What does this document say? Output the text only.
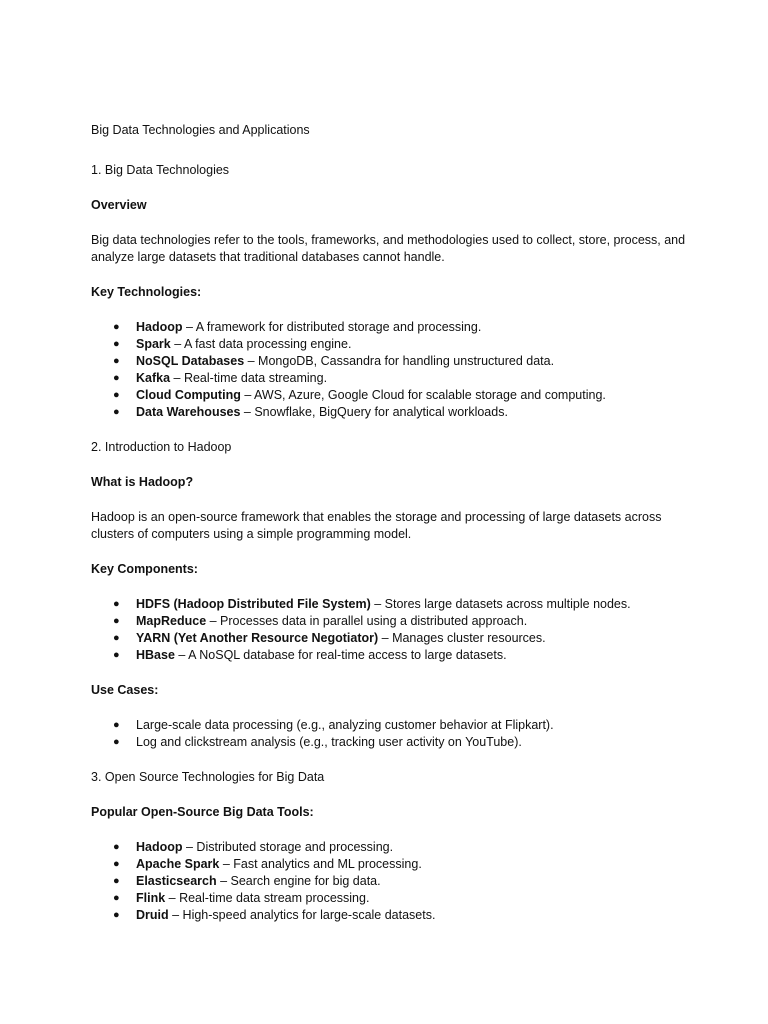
Big Data Technologies and Applications

1. Big Data Technologies

Overview

Big data technologies refer to the tools, frameworks, and methodologies used to collect, store, process, and analyze large datasets that traditional databases cannot handle.

Key Technologies:

● Hadoop – A framework for distributed storage and processing.
● Spark – A fast data processing engine.
● NoSQL Databases – MongoDB, Cassandra for handling unstructured data.
● Kafka – Real-time data streaming.
● Cloud Computing – AWS, Azure, Google Cloud for scalable storage and computing.
● Data Warehouses – Snowflake, BigQuery for analytical workloads.

2. Introduction to Hadoop

What is Hadoop?

Hadoop is an open-source framework that enables the storage and processing of large datasets across clusters of computers using a simple programming model.

Key Components:

● HDFS (Hadoop Distributed File System) – Stores large datasets across multiple nodes.
● MapReduce – Processes data in parallel using a distributed approach.
● YARN (Yet Another Resource Negotiator) – Manages cluster resources.
● HBase – A NoSQL database for real-time access to large datasets.

Use Cases:

● Large-scale data processing (e.g., analyzing customer behavior at Flipkart).
● Log and clickstream analysis (e.g., tracking user activity on YouTube).

3. Open Source Technologies for Big Data

Popular Open-Source Big Data Tools:

● Hadoop – Distributed storage and processing.
● Apache Spark – Fast analytics and ML processing.
● Elasticsearch – Search engine for big data.
● Flink – Real-time data stream processing.
● Druid – High-speed analytics for large-scale datasets.
